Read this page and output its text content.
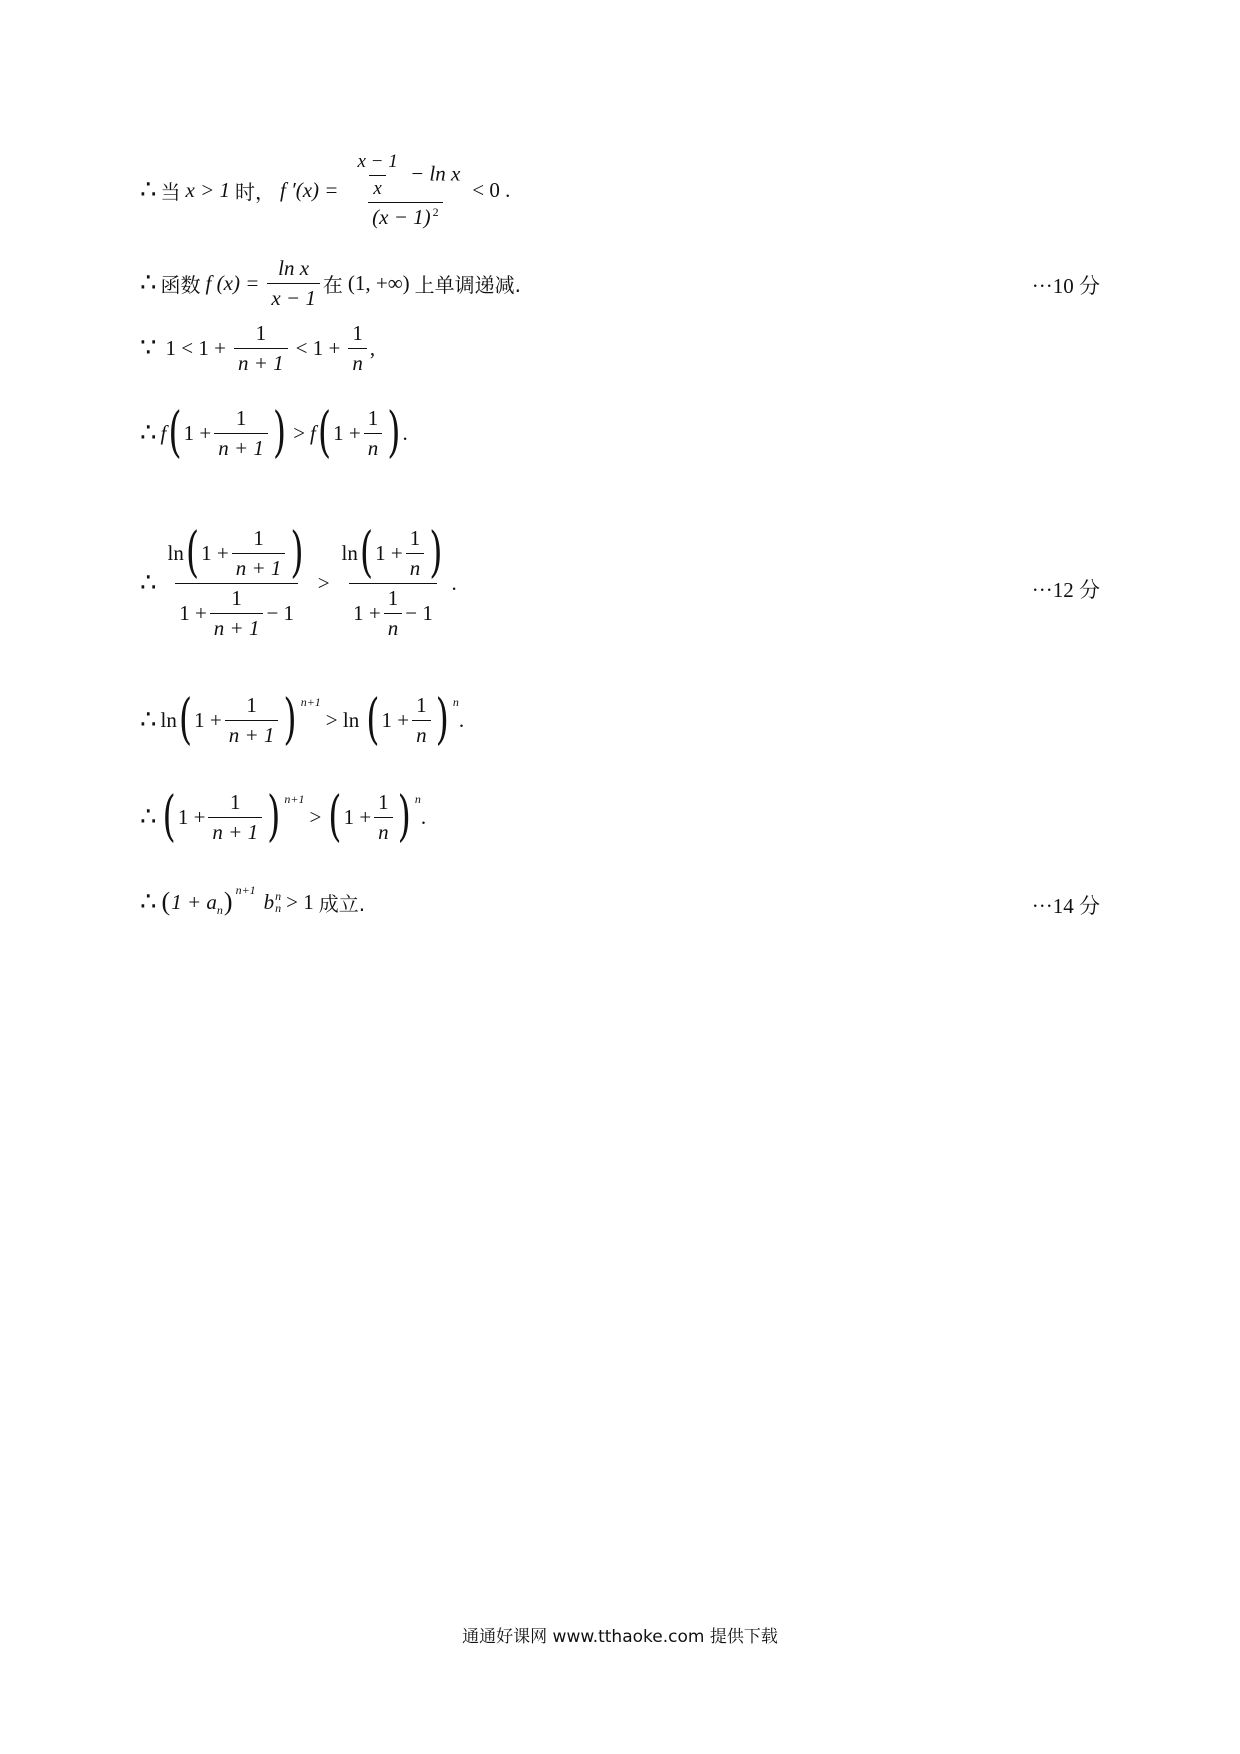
∴ 当 x > 1 时， f $'(x) = \frac{\frac{x - 1}{x} - \ln x}{(x - 1) ^2} < 0$ .
∴ 函数 f $(x) = \frac{\text{ln x}}{x - 1}$ 在 (1, +∞) 上单调递减.	···10 分
∵ $1 < 1 + \frac{1}{n + 1} < 1 + \frac{1}{n}$ ,
∴ f ( $1 + \frac{1}{n + 1}$ ) > f ( $1 + \frac{1}{n}$ ) .
∴
ln ( $1 + \frac{1}{n + 1}$ )
$1 + \frac{1}{n + 1} - 1$
>
ln ( $1 + \frac{1}{n}$ )
$1 + \frac{1}{n} - 1$
.	···12 分
∴ ln ( $1 + \frac{1}{n + 1}$ ) n+1
> ln ( $1 + \frac{1}{n}$ ) n
.
∴ ( $1 + \frac{1}{n + 1}$ ) n+1
> ( $1 + \frac{1}{n}$ ) n
.
∴ ( 1 + a n ) n+1 b n
n > 1 成立.	···14 分
通通好课网 www.tthaoke.com 提供下载
